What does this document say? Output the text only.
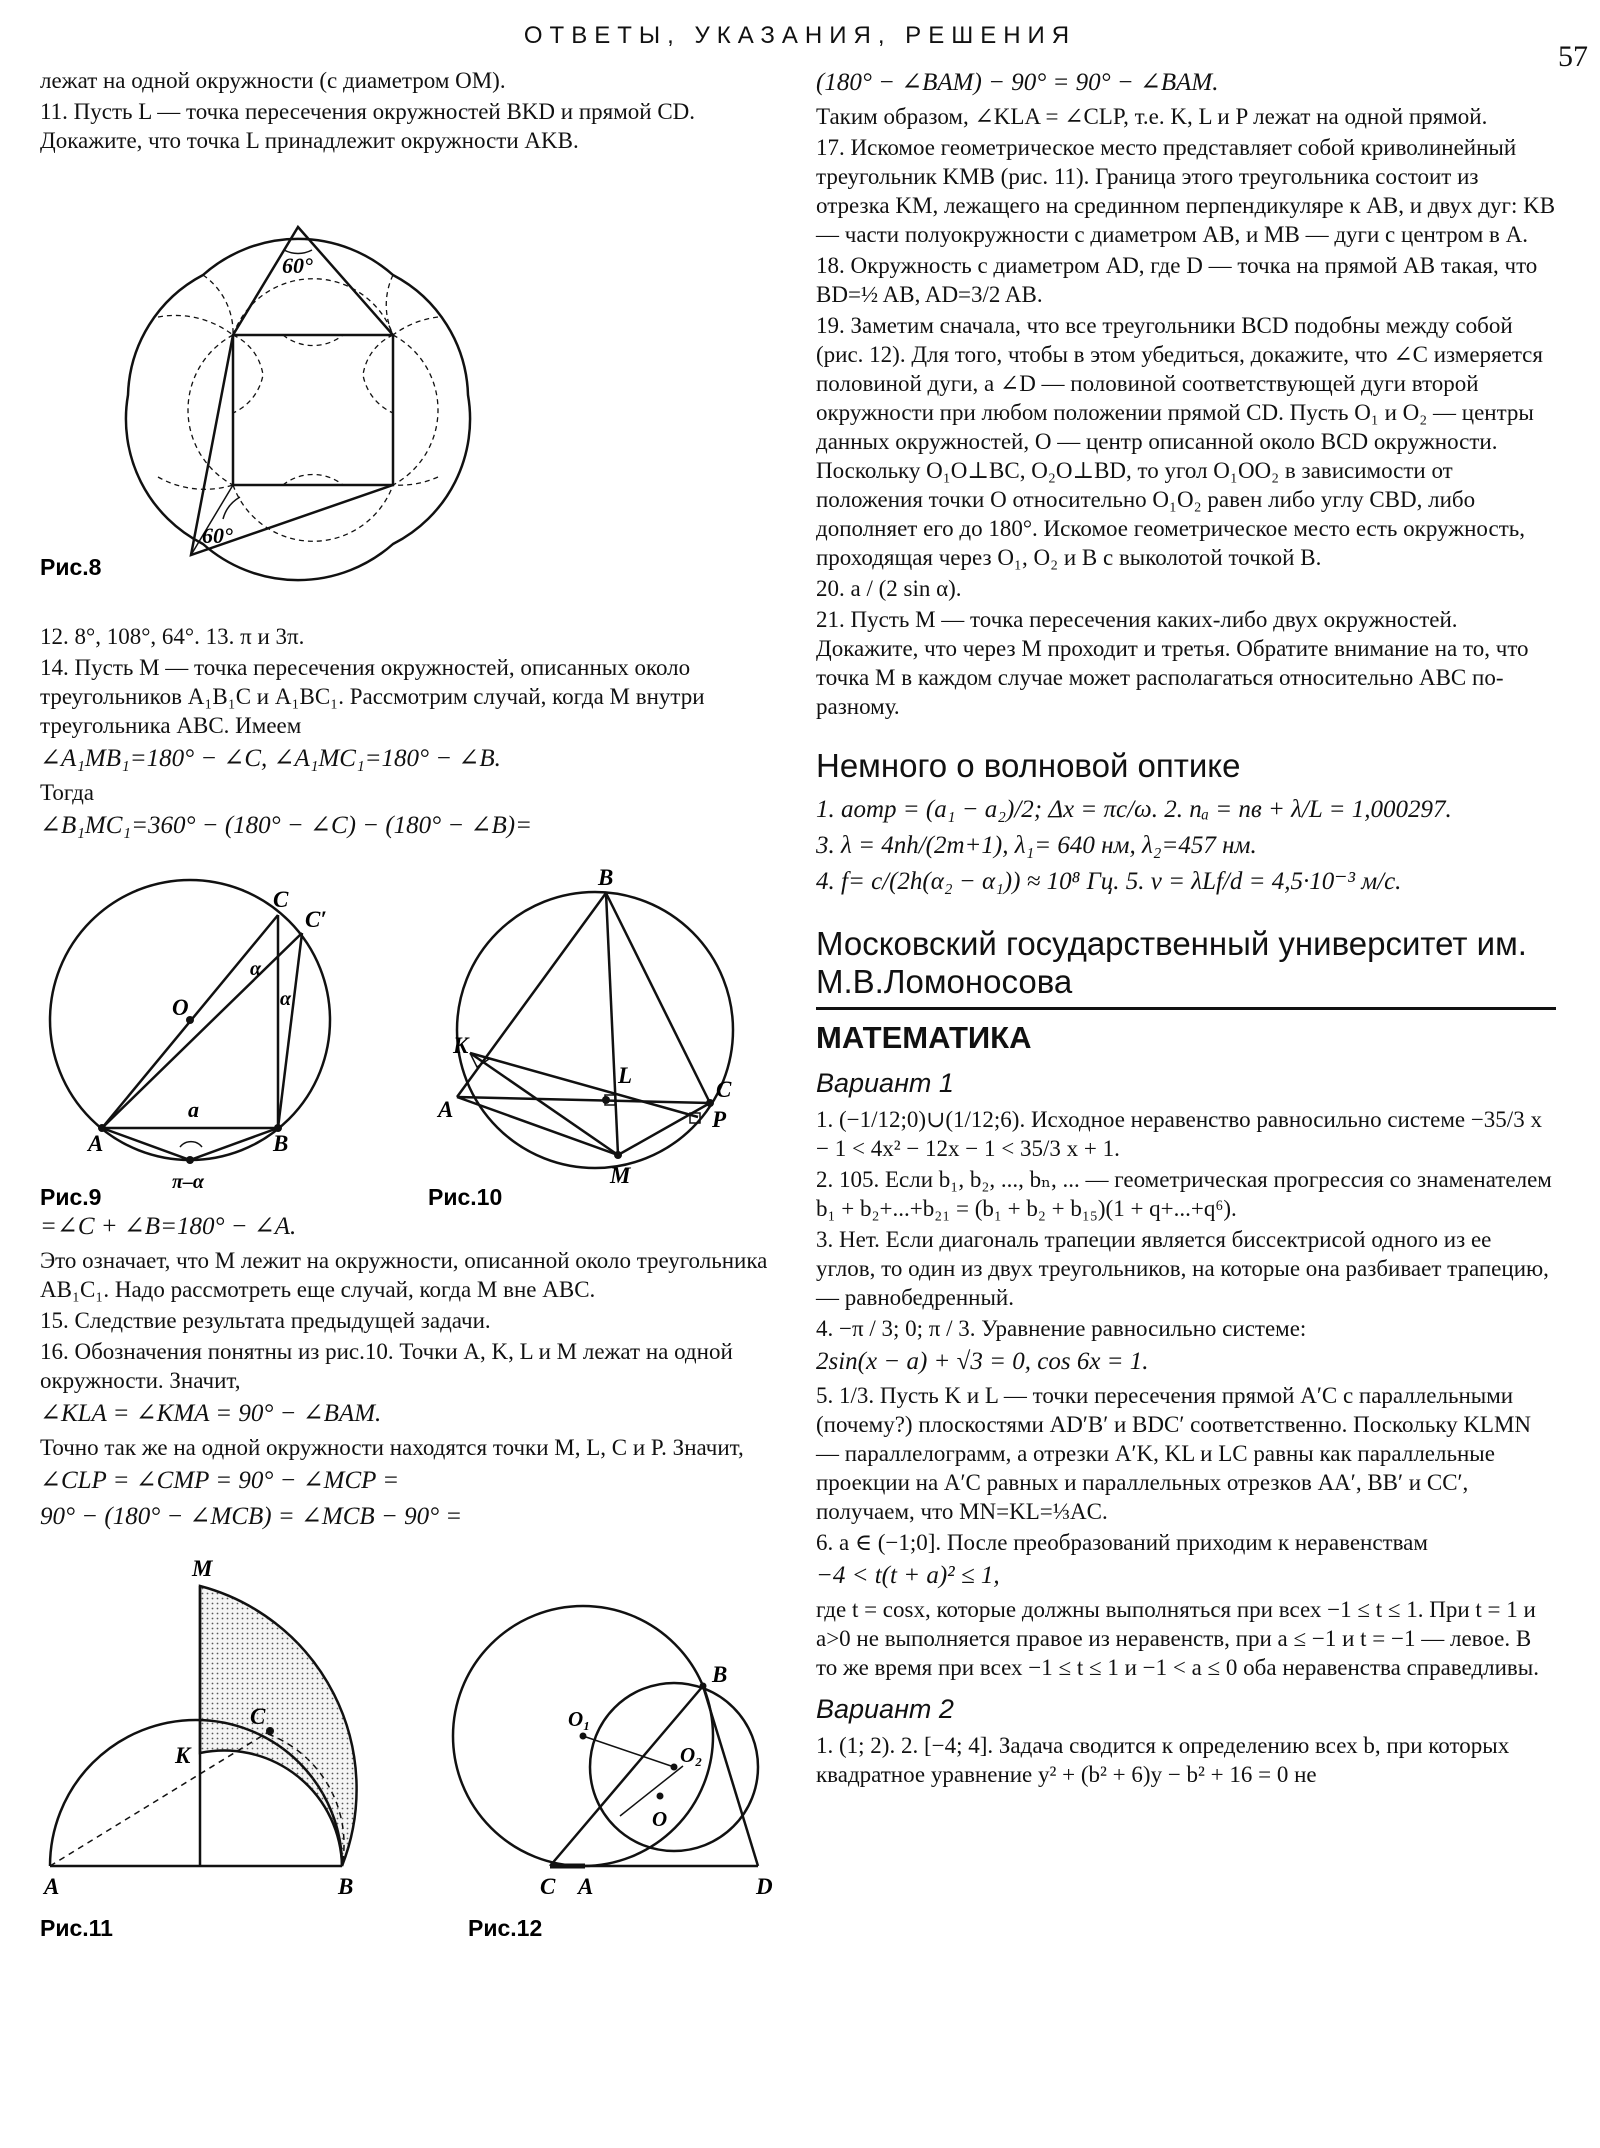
ОТВЕТЫ, УКАЗАНИЯ, РЕШЕНИЯ
57

лежат на одной окружности (с диаметром OM).

11. Пусть L — точка пересечения окружностей BKD и прямой CD. Докажите, что точка L принадлежит окружности AKB.

60°
60°
Рис.8

12. 8°, 108°, 64°. 13. π и 3π.

14. Пусть M — точка пересечения окружностей, описанных около треугольников A₁B₁C и A₁BC₁. Рассмотрим случай, когда M внутри треугольника ABC. Имеем

∠A₁MB₁=180° − ∠C, ∠A₁MC₁=180° − ∠B.

Тогда

∠B₁MC₁=360° − (180° − ∠C) − (180° − ∠B)=

C
C′
O
α
α
a
A	B
π–α
Рис.9
B
K
L
A
C
P
M
Рис.10

=∠C + ∠B=180° − ∠A.

Это означает, что M лежит на окружности, описанной около треугольника AB₁C₁. Надо рассмотреть еще случай, когда M вне ABC.

15. Следствие результата предыдущей задачи.

16. Обозначения понятны из рис.10. Точки A, K, L и M лежат на одной окружности. Значит,

∠KLA = ∠KMA = 90° − ∠BAM.

Точно так же на одной окружности находятся точки M, L, C и P. Значит,

∠CLP = ∠CMP = 90° − ∠MCP =

90° − (180° − ∠MCB) = ∠MCB − 90° =

M
C
K
A	B
Рис.11
B
O₁
O₂
O
C A	D
Рис.12

(180° − ∠BAM) − 90° = 90° − ∠BAM.

Таким образом, ∠KLA = ∠CLP, т.е. K, L и P лежат на одной прямой.

17. Искомое геометрическое место представляет собой криволинейный треугольник KMB (рис. 11). Граница этого треугольника состоит из отрезка KM, лежащего на срединном перпендикуляре к AB, и двух дуг: KB — части полуокружности с диаметром AB, и MB — дуги с центром в A.

18. Окружность с диаметром AD, где D — точка на прямой AB такая, что BD=½ AB, AD=3/2 AB.

19. Заметим сначала, что все треугольники BCD подобны между собой (рис. 12). Для того, чтобы в этом убедиться, докажите, что ∠C измеряется половиной дуги, а ∠D — половиной соответствующей дуги второй окружности при любом положении прямой CD. Пусть O₁ и O₂ — центры данных окружностей, O — центр описанной около BCD окружности. Поскольку O₁O⊥BC, O₂O⊥BD, то угол O₁OO₂ в зависимости от положения точки O относительно O₁O₂ равен либо углу CBD, либо дополняет его до 180°. Искомое геометрическое место есть окружность, проходящая через O₁, O₂ и B с выколотой точкой B.

20. a / (2 sin α).

21. Пусть M — точка пересечения каких-либо двух окружностей. Докажите, что через M проходит и третья. Обратите внимание на то, что точка M в каждом случае может располагаться относительно ABC по-разному.

Немного о волновой оптике

1. aотр = (a₁ − a₂)/2; Δx = πc/ω. 2. nₐ = nв + λ/L = 1,000297.

3. λ = 4nh/(2m+1), λ₁= 640 нм, λ₂=457 нм.

4. f= c/(2h(α₂ − α₁)) ≈ 10⁸ Гц. 5. v = λLf/d = 4,5·10⁻³ м/с.

Московский государственный университет им. М.В.Ломоносова
МАТЕМАТИКА
Вариант 1

1. (−1/12;0)∪(1/12;6). Исходное неравенство равносильно системе −35/3 x − 1 < 4x² − 12x − 1 < 35/3 x + 1.

2. 105. Если b₁, b₂, ..., bₙ, ... — геометрическая прогрессия со знаменателем b₁ + b₂+...+b₂₁ = (b₁ + b₂ + b₁₅)(1 + q+...+q⁶).

3. Нет. Если диагональ трапеции является биссектрисой одного из ее углов, то один из двух треугольников, на которые она разбивает трапецию, — равнобедренный.

4. −π / 3; 0; π / 3. Уравнение равносильно системе:

2sin(x − a) + √3 = 0, cos 6x = 1.

5. 1/3. Пусть K и L — точки пересечения прямой A′C с параллельными (почему?) плоскостями AD′B′ и BDC′ соответственно. Поскольку KLMN — параллелограмм, а отрезки A′K, KL и LC равны как параллельные проекции на A′C равных и параллельных отрезков AA′, BB′ и CC′, получаем, что MN=KL=⅓AC.

6. a ∈ (−1;0]. После преобразований приходим к неравенствам

−4 < t(t + a)² ≤ 1,

где t = cosx, которые должны выполняться при всех −1 ≤ t ≤ 1. При t = 1 и a>0 не выполняется правое из неравенств, при a ≤ −1 и t = −1 — левое. В то же время при всех −1 ≤ t ≤ 1 и −1 < a ≤ 0 оба неравенства справедливы.

Вариант 2

1. (1; 2). 2. [−4; 4]. Задача сводится к определению всех b, при которых квадратное уравнение y² + (b² + 6)y − b² + 16 = 0 не
